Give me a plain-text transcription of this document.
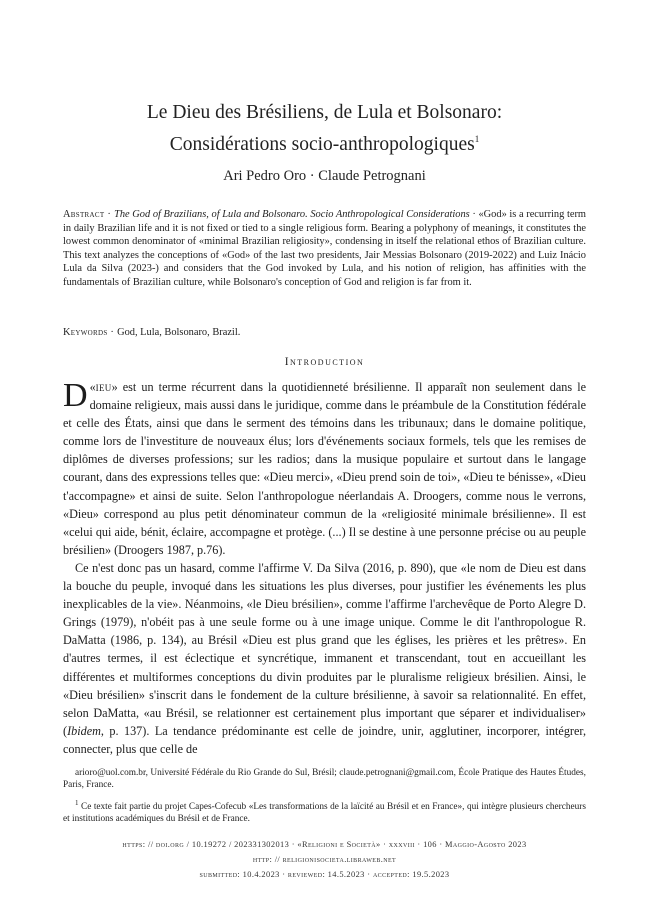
Le Dieu des Brésiliens, de Lula et Bolsonaro:
Considérations socio-anthropologiques$^1$
Ari Pedro Oro · Claude Petrognani
Abstract · The God of Brazilians, of Lula and Bolsonaro. Socio Anthropological Considerations · «God» is a recurring term in daily Brazilian life and it is not fixed or tied to a single religious form. Bearing a polyphony of meanings, it constitutes the lowest common denominator of «minimal Brazilian religiosity», condensing in itself the relational ethos of Brazilian culture. This text analyzes the conceptions of «God» of the last two presidents, Jair Messias Bolsonaro (2019-2022) and Luiz Inácio Lula da Silva (2023-) and considers that the God invoked by Lula, and his notion of religion, has affinities with the fundamentals of Brazilian culture, while Bolsonaro's conception of God and religion is far from it.
Keywords · God, Lula, Bolsonaro, Brazil.
Introduction

«
D ieu» est un terme récurrent dans la quotidienneté brésilienne. Il apparaît non seulement dans le domaine religieux, mais aussi dans le juridique, comme dans le préambule de la Constitution fédérale et celle des États, ainsi que dans le serment des témoins dans les tribunaux; dans le domaine politique, comme lors de l'investiture de nouveaux élus; lors d'événements sociaux formels, tels que les remises de diplômes de diverses professions; sur les radios; dans la musique populaire et surtout dans le langage courant, dans des expressions telles que: «Dieu merci», «Dieu prend soin de toi», «Dieu te bénisse», «Dieu t'accompagne» et ainsi de suite. Selon l'anthropologue néerlandais A. Droogers, comme nous le verrons, «Dieu» correspond au plus petit dénominateur commun de la «religiosité minimale brésilienne». Il est «celui qui aide, bénit, éclaire, accompagne et protège. (...) Il se destine à une personne précise ou au peuple brésilien» (Droogers 1987, p.76).

Ce n'est donc pas un hasard, comme l'affirme V. Da Silva (2016, p. 890), que «le nom de Dieu est dans la bouche du peuple, invoqué dans les situations les plus diverses, pour justifier les événements les plus inexplicables de la vie». Néanmoins, «le Dieu brésilien», comme l'affirme l'archevêque de Porto Alegre D. Grings (1979), n'obéit pas à une seule forme ou à une image unique. Comme le dit l'anthropologue R. DaMatta (1986, p. 134), au Brésil «Dieu est plus grand que les églises, les prières et les prêtres». En d'autres termes, il est éclectique et syncrétique, immanent et transcendant, tout en accueillant les différentes et multiformes conceptions du divin produites par le pluralisme religieux brésilien. Ainsi, le «Dieu brésilien» s'inscrit dans le fondement de la culture brésilienne, à savoir sa relationnalité. En effet, selon DaMatta, «au Brésil, se relationner est certainement plus important que séparer et individualiser» (Ibidem, p. 137). La tendance prédominante est celle de joindre, unir, agglutiner, incorporer, intégrer, connecter, plus que celle de

arioro@uol.com.br, Université Fédérale du Rio Grande do Sul, Brésil; claude.petrognani@gmail.com, École Pratique des Hautes Études, Paris, France.

$^1$ Ce texte fait partie du projet Capes-Cofecub «Les transformations de la laïcité au Brésil et en France», qui intègre plusieurs chercheurs et institutions académiques du Brésil et de France.

https: // doi.org / 10.19272 / 202331302013 · «Religioni e Società» · xxxviii · 106 · Maggio-Agosto 2023
http: // religionisocieta.libraweb.net
submitted: 10.4.2023 · reviewed: 14.5.2023 · accepted: 19.5.2023
